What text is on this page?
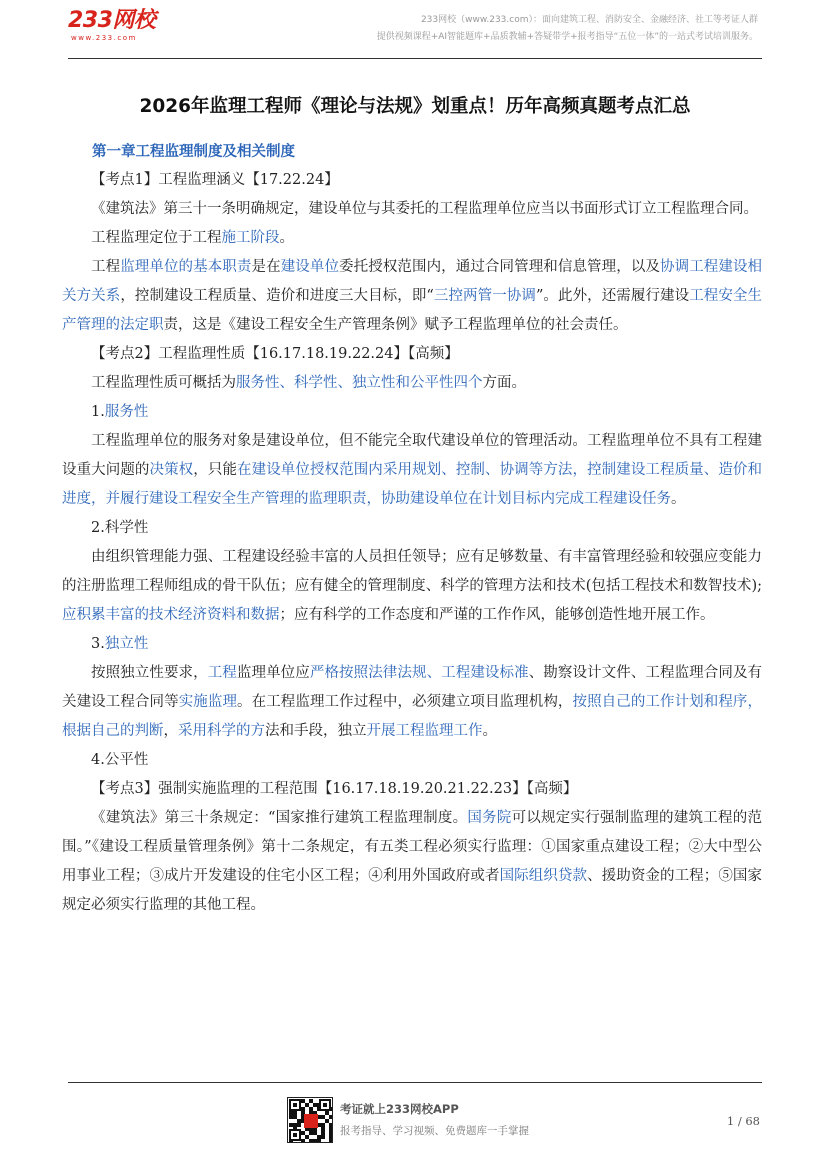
233网校
www.233.com
233网校（www.233.com）：面向建筑工程、消防安全、金融经济、社工等考证人群
提供视频课程+AI智能题库+品质教辅+答疑带学+报考指导“五位一体”的一站式考试培训服务。
2026年监理工程师《理论与法规》划重点！历年高频真题考点汇总
第一章工程监理制度及相关制度

【考点1】工程监理涵义【17.22.24】

《建筑法》第三十一条明确规定，建设单位与其委托的工程监理单位应当以书面形式订立工程监理合同。

工程监理定位于工程施工阶段。

工程监理单位的基本职责是在建设单位委托授权范围内，通过合同管理和信息管理，以及协调工程建设相关方关系，控制建设工程质量、造价和进度三大目标，即“三控两管一协调”。此外，还需履行建设工程安全生产管理的法定职责，这是《建设工程安全生产管理条例》赋予工程监理单位的社会责任。

【考点2】工程监理性质【16.17.18.19.22.24】【高频】

工程监理性质可概括为服务性、科学性、独立性和公平性四个方面。

1.服务性

工程监理单位的服务对象是建设单位，但不能完全取代建设单位的管理活动。工程监理单位不具有工程建设重大问题的决策权，只能在建设单位授权范围内采用规划、控制、协调等方法，控制建设工程质量、造价和进度，并履行建设工程安全生产管理的监理职责，协助建设单位在计划目标内完成工程建设任务。

2.科学性

由组织管理能力强、工程建设经验丰富的人员担任领导；应有足够数量、有丰富管理经验和较强应变能力的注册监理工程师组成的骨干队伍；应有健全的管理制度、科学的管理方法和技术(包括工程技术和数智技术);应积累丰富的技术经济资料和数据；应有科学的工作态度和严谨的工作作风，能够创造性地开展工作。

3.独立性

按照独立性要求，工程监理单位应严格按照法律法规、工程建设标准、勘察设计文件、工程监理合同及有关建设工程合同等实施监理。在工程监理工作过程中，必须建立项目监理机构，按照自己的工作计划和程序，根据自己的判断，采用科学的方法和手段，独立开展工程监理工作。

4.公平性

【考点3】强制实施监理的工程范围【16.17.18.19.20.21.22.23】【高频】

《建筑法》第三十条规定：“国家推行建筑工程监理制度。国务院可以规定实行强制监理的建筑工程的范围。”《建设工程质量管理条例》第十二条规定，有五类工程必须实行监理：①国家重点建设工程；②大中型公用事业工程；③成片开发建设的住宅小区工程；④利用外国政府或者国际组织贷款、援助资金的工程；⑤国家规定必须实行监理的其他工程。

考证就上233网校APP
报考指导、学习视频、免费题库一手掌握
1 / 68
